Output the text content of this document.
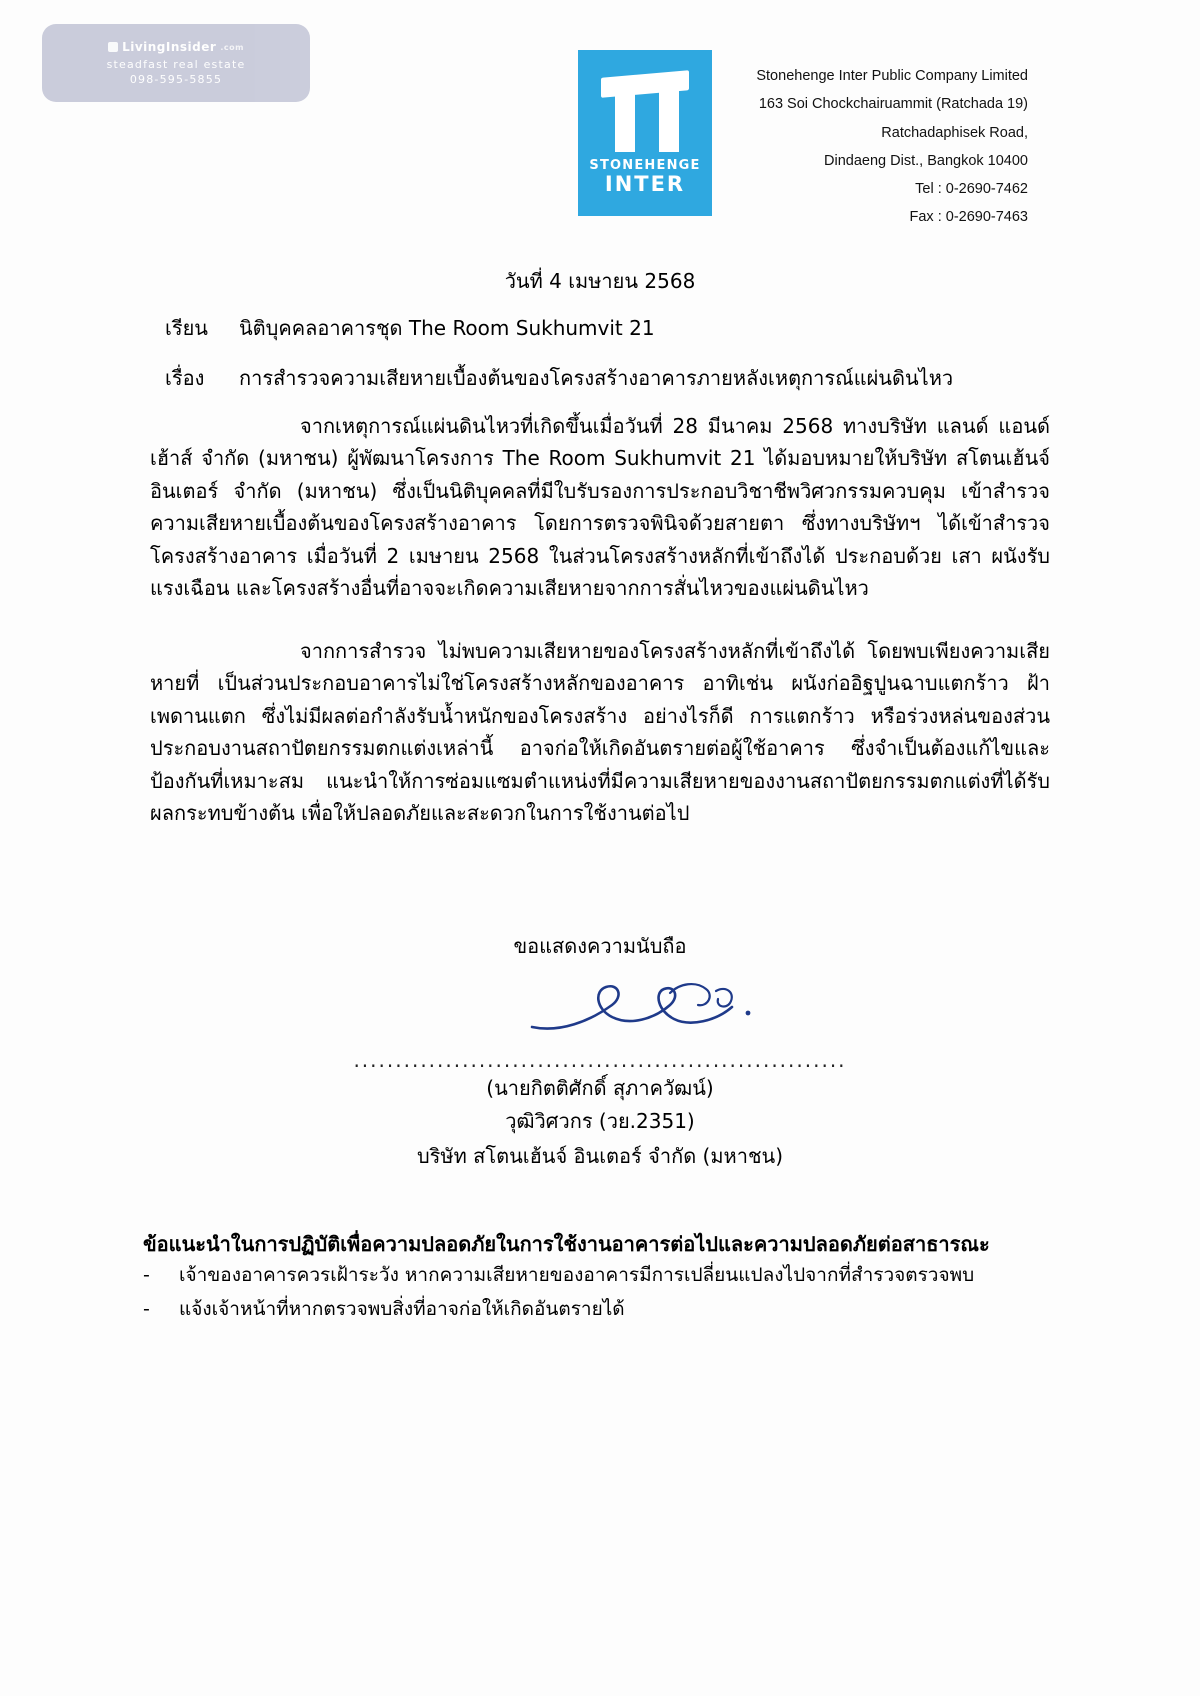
LivingInsider .com
steadfast real estate
098-595-5855
STONEHENGE
INTER
Stonehenge Inter Public Company Limited
163 Soi Chockchairuammit (Ratchada 19)
Ratchadaphisek Road,
Dindaeng Dist., Bangkok 10400
Tel : 0-2690-7462
Fax : 0-2690-7463
วันที่ 4 เมษายน 2568
เรียน	นิติบุคคลอาคารชุด The Room Sukhumvit 21
เรื่อง	การสำรวจความเสียหายเบื้องต้นของโครงสร้างอาคารภายหลังเหตุการณ์แผ่นดินไหว

จากเหตุการณ์แผ่นดินไหวที่เกิดขึ้นเมื่อวันที่ 28 มีนาคม 2568 ทางบริษัท แลนด์ แอนด์ เฮ้าส์ จำกัด (มหาชน) ผู้พัฒนาโครงการ The Room Sukhumvit 21 ได้มอบหมายให้บริษัท สโตนเฮ้นจ์ อินเตอร์ จำกัด (มหาชน) ซึ่งเป็นนิติบุคคลที่มีใบรับรองการประกอบวิชาชีพวิศวกรรมควบคุม เข้าสำรวจความเสียหายเบื้องต้นของโครงสร้างอาคาร โดยการตรวจพินิจด้วยสายตา ซึ่งทางบริษัทฯ ได้เข้าสำรวจโครงสร้างอาคาร เมื่อวันที่ 2 เมษายน 2568 ในส่วนโครงสร้างหลักที่เข้าถึงได้ ประกอบด้วย เสา ผนังรับแรงเฉือน และโครงสร้างอื่นที่อาจจะเกิดความเสียหายจากการสั่นไหวของแผ่นดินไหว

จากการสำรวจ ไม่พบความเสียหายของโครงสร้างหลักที่เข้าถึงได้ โดยพบเพียงความเสียหายที่ เป็นส่วนประกอบอาคารไม่ใช่โครงสร้างหลักของอาคาร อาทิเช่น ผนังก่ออิฐปูนฉาบแตกร้าว ฝ้าเพดานแตก ซึ่งไม่มีผลต่อกำลังรับน้ำหนักของโครงสร้าง อย่างไรก็ดี การแตกร้าว หรือร่วงหล่นของส่วนประกอบงานสถาปัตยกรรมตกแต่งเหล่านี้ อาจก่อให้เกิดอันตรายต่อผู้ใช้อาคาร ซึ่งจำเป็นต้องแก้ไขและป้องกันที่เหมาะสม แนะนำให้การซ่อมแซมตำแหน่งที่มีความเสียหายของงานสถาปัตยกรรมตกแต่งที่ได้รับผลกระทบข้างต้น เพื่อให้ปลอดภัยและสะดวกในการใช้งานต่อไป

ขอแสดงความนับถือ
...........................................................
(นายกิตติศักดิ์ สุภาควัฒน์)
วุฒิวิศวกร (วย.2351)
บริษัท สโตนเฮ้นจ์ อินเตอร์ จำกัด (มหาชน)
ข้อแนะนำในการปฏิบัติเพื่อความปลอดภัยในการใช้งานอาคารต่อไปและความปลอดภัยต่อสาธารณะ
- เจ้าของอาคารควรเฝ้าระวัง หากความเสียหายของอาคารมีการเปลี่ยนแปลงไปจากที่สำรวจตรวจพบ
- แจ้งเจ้าหน้าที่หากตรวจพบสิ่งที่อาจก่อให้เกิดอันตรายได้
